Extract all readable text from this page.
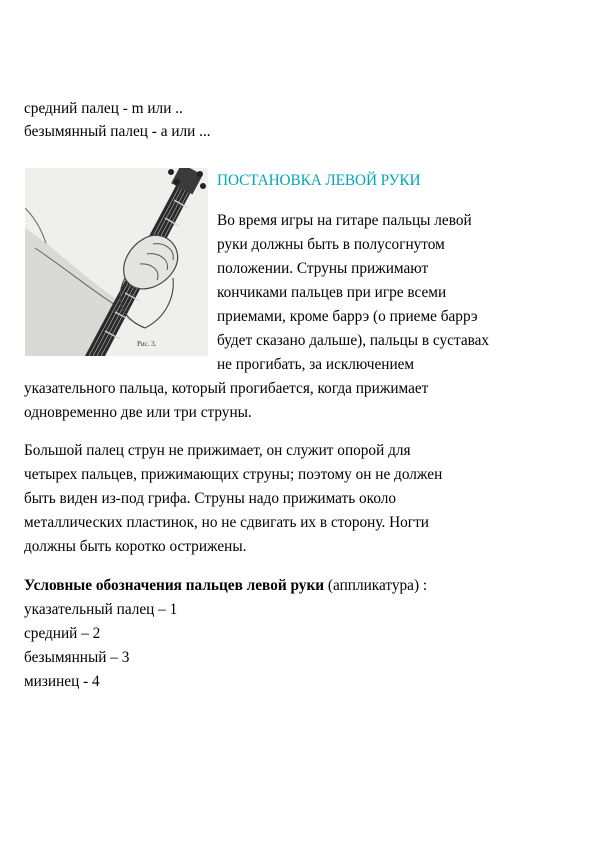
средний палец - m или ..
безымянный палец - а или ...
Рис. 3.
ПОСТАНОВКА ЛЕВОЙ РУКИ
Во время игры на гитаре пальцы левой
руки должны быть в полусогнутом
положении. Струны прижимают
кончиками пальцев при игре всеми
приемами, кроме баррэ (о приеме баррэ
будет сказано дальше), пальцы в суставах
не прогибать, за исключением
указательного пальца, который прогибается, когда прижимает
одновременно две или три струны.
Большой палец струн не прижимает, он служит опорой для
четырех пальцев, прижимающих струны; поэтому он не должен
быть виден из-под грифа. Струны надо прижимать около
металлических пластинок, но не сдвигать их в сторону. Ногти
должны быть коротко острижены.
Условные обозначения пальцев левой руки (аппликатура) :
указательный палец – 1
средний – 2
безымянный – 3
мизинец - 4
